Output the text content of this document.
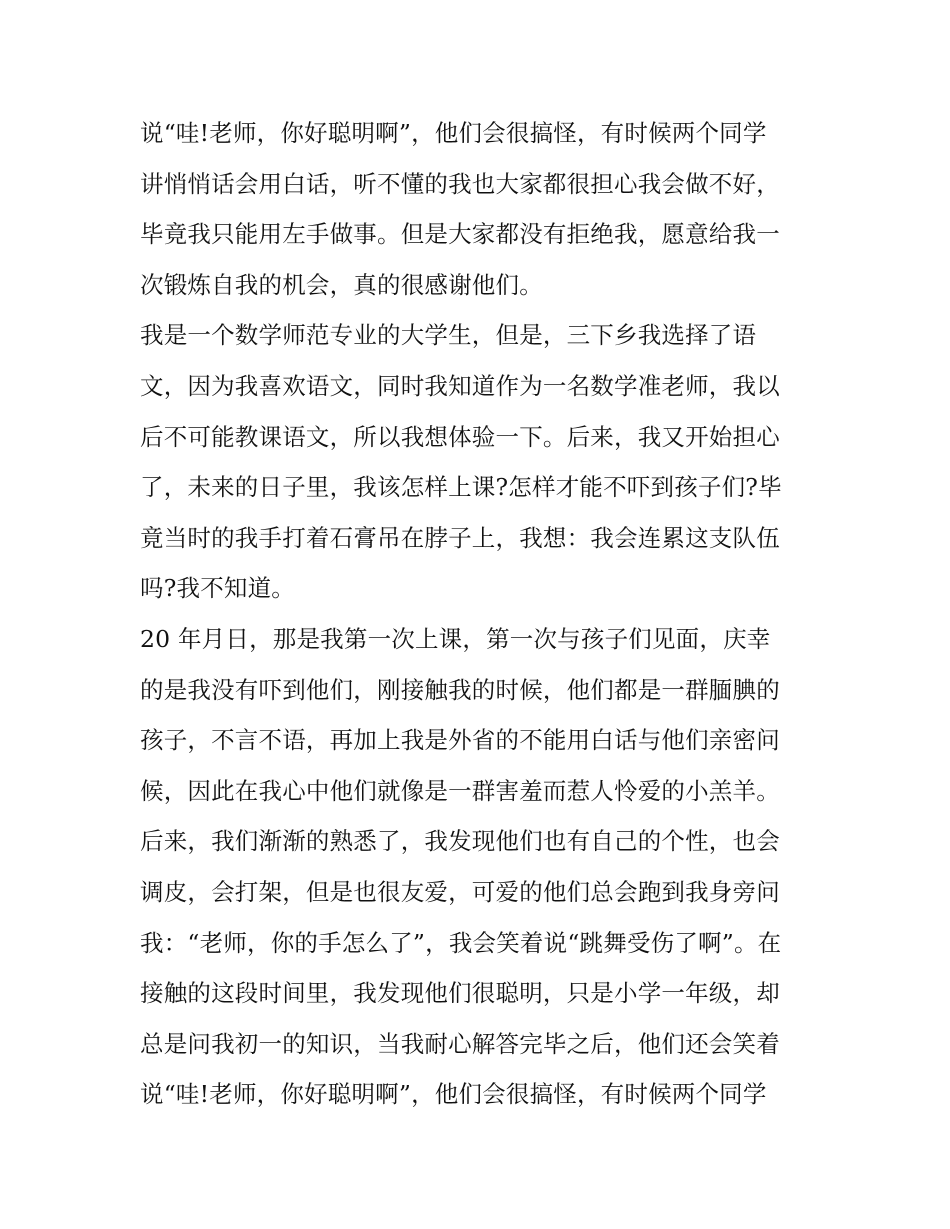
说“哇!老师，你好聪明啊”，他们会很搞怪，有时候两个同学
讲悄悄话会用白话，听不懂的我也大家都很担心我会做不好，
毕竟我只能用左手做事。但是大家都没有拒绝我，愿意给我一
次锻炼自我的机会，真的很感谢他们。
我是一个数学师范专业的大学生，但是，三下乡我选择了语
文，因为我喜欢语文，同时我知道作为一名数学准老师，我以
后不可能教课语文，所以我想体验一下。后来，我又开始担心
了，未来的日子里，我该怎样上课?怎样才能不吓到孩子们?毕
竟当时的我手打着石膏吊在脖子上，我想：我会连累这支队伍
吗?我不知道。
20 年月日，那是我第一次上课，第一次与孩子们见面，庆幸
的是我没有吓到他们，刚接触我的时候，他们都是一群腼腆的
孩子，不言不语，再加上我是外省的不能用白话与他们亲密问
候，因此在我心中他们就像是一群害羞而惹人怜爱的小羔羊。
后来，我们渐渐的熟悉了，我发现他们也有自己的个性，也会
调皮，会打架，但是也很友爱，可爱的他们总会跑到我身旁问
我：“老师，你的手怎么了”，我会笑着说“跳舞受伤了啊”。在
接触的这段时间里，我发现他们很聪明，只是小学一年级，却
总是问我初一的知识，当我耐心解答完毕之后，他们还会笑着
说“哇!老师，你好聪明啊”，他们会很搞怪，有时候两个同学
